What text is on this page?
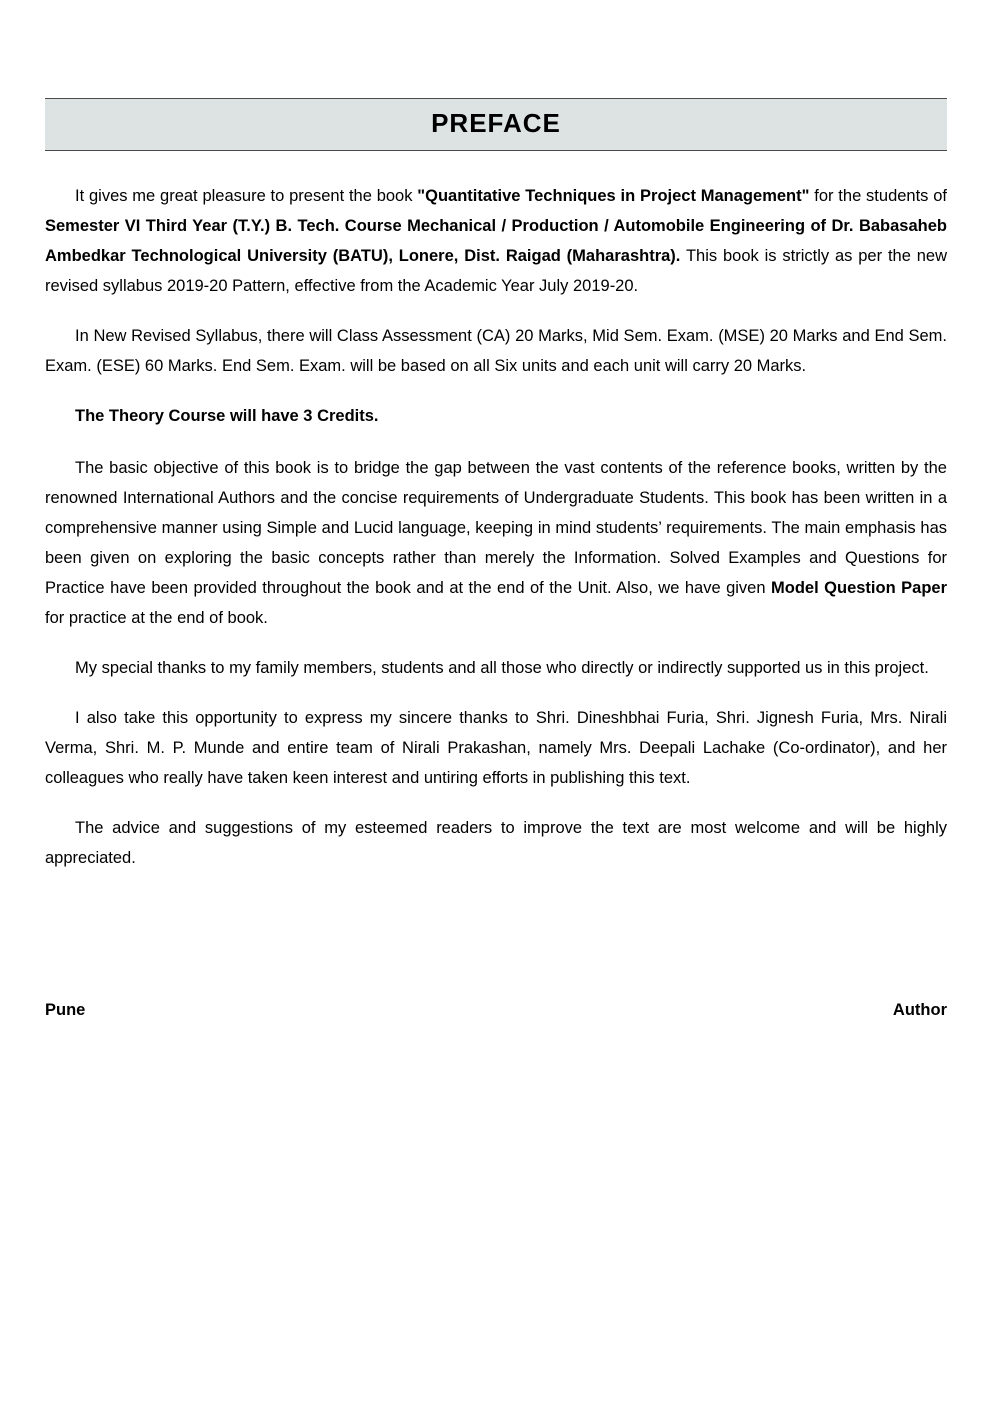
PREFACE

It gives me great pleasure to present the book "Quantitative Techniques in Project Management" for the students of Semester VI Third Year (T.Y.) B. Tech. Course Mechanical / Production / Automobile Engineering of Dr. Babasaheb Ambedkar Technological University (BATU), Lonere, Dist. Raigad (Maharashtra). This book is strictly as per the new revised syllabus 2019-20 Pattern, effective from the Academic Year July 2019-20.

In New Revised Syllabus, there will Class Assessment (CA) 20 Marks, Mid Sem. Exam. (MSE) 20 Marks and End Sem. Exam. (ESE) 60 Marks. End Sem. Exam. will be based on all Six units and each unit will carry 20 Marks.

The Theory Course will have 3 Credits.

The basic objective of this book is to bridge the gap between the vast contents of the reference books, written by the renowned International Authors and the concise requirements of Undergraduate Students. This book has been written in a comprehensive manner using Simple and Lucid language, keeping in mind students’ requirements. The main emphasis has been given on exploring the basic concepts rather than merely the Information. Solved Examples and Questions for Practice have been provided throughout the book and at the end of the Unit. Also, we have given Model Question Paper for practice at the end of book.

My special thanks to my family members, students and all those who directly or indirectly supported us in this project.

I also take this opportunity to express my sincere thanks to Shri. Dineshbhai Furia, Shri. Jignesh Furia, Mrs. Nirali Verma, Shri. M. P. Munde and entire team of Nirali Prakashan, namely Mrs. Deepali Lachake (Co-ordinator), and her colleagues who really have taken keen interest and untiring efforts in publishing this text.

The advice and suggestions of my esteemed readers to improve the text are most welcome and will be highly appreciated.

Pune	Author
